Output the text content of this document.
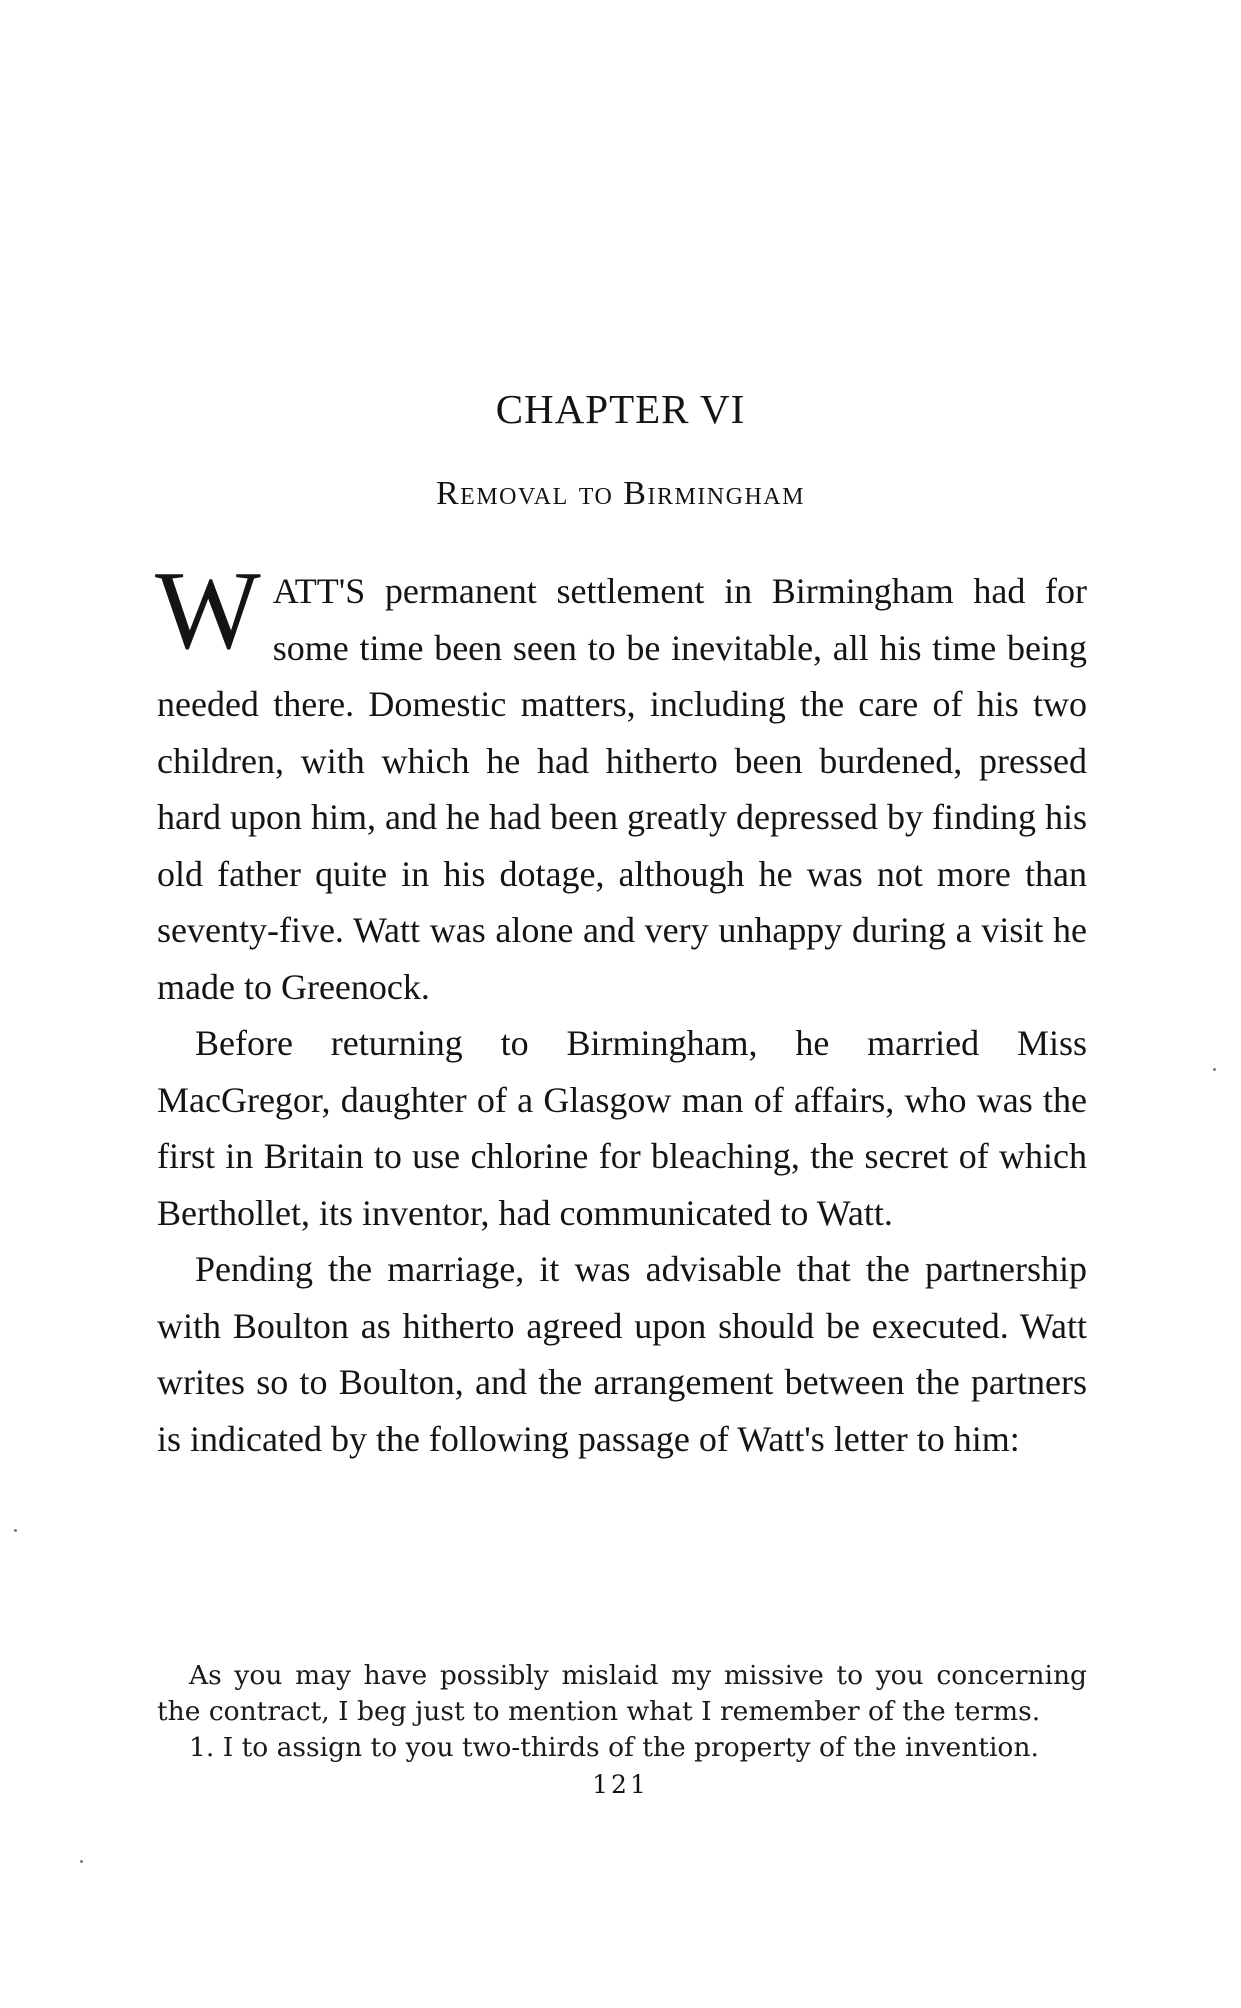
CHAPTER VI
Removal to Birmingham

WATT'S permanent settlement in Birmingham had for some time been seen to be inevitable, all his time being needed there. Domestic matters, including the care of his two children, with which he had hitherto been burdened, pressed hard upon him, and he had been greatly depressed by finding his old father quite in his dotage, although he was not more than seventy-five. Watt was alone and very unhappy during a visit he made to Greenock.

Before returning to Birmingham, he married Miss MacGregor, daughter of a Glasgow man of affairs, who was the first in Britain to use chlorine for bleaching, the secret of which Berthollet, its inventor, had communicated to Watt.

Pending the marriage, it was advisable that the partnership with Boulton as hitherto agreed upon should be executed. Watt writes so to Boulton, and the arrangement between the partners is indicated by the following passage of Watt's letter to him:

As you may have possibly mislaid my missive to you concerning the contract, I beg just to mention what I remember of the terms.

1. I to assign to you two-thirds of the property of the invention.

121
